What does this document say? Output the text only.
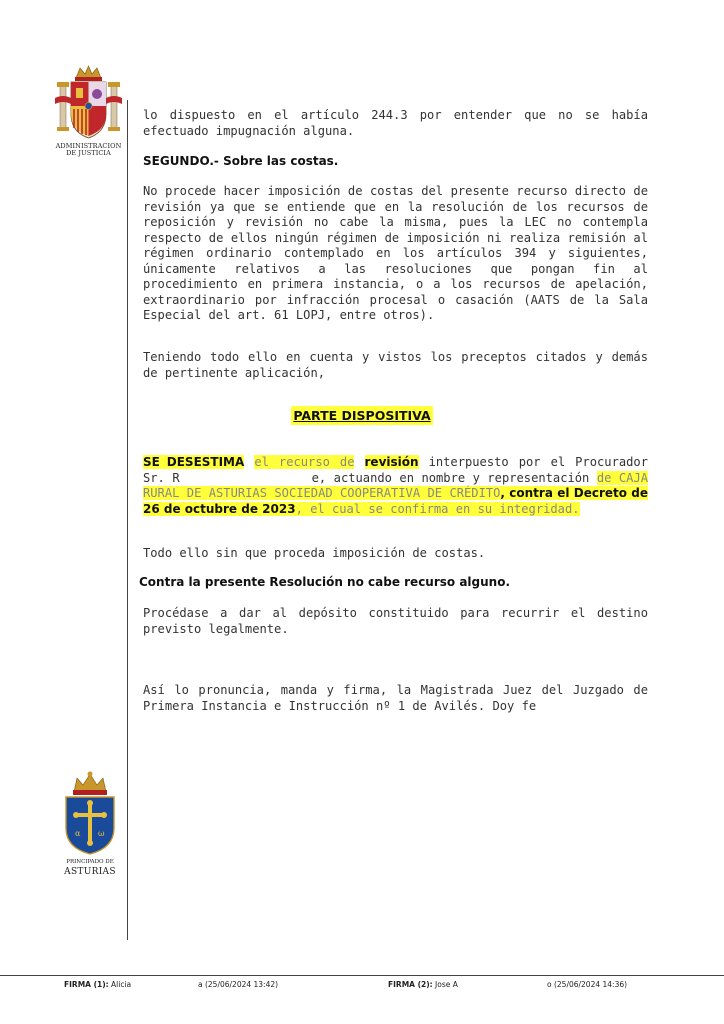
ADMINISTRACION
DE JUSTICIA
α ω
PRINCIPADO DE
ASTURIAS

lo dispuesto en el artículo 244.3 por entender que no se había efectuado impugnación alguna.

SEGUNDO.- Sobre las costas.

No procede hacer imposición de costas del presente recurso directo de revisión ya que se entiende que en la resolución de los recursos de reposición y revisión no cabe la misma, pues la LEC no contempla respecto de ellos ningún régimen de imposición ni realiza remisión al régimen ordinario contemplado en los artículos 394 y siguientes, únicamente relativos a las resoluciones que pongan fin al procedimiento en primera instancia, o a los recursos de apelación, extraordinario por infracción procesal o casación (AATS de la Sala Especial del art. 61 LOPJ, entre otros).

Teniendo todo ello en cuenta y vistos los preceptos citados y demás de pertinente aplicación,

PARTE DISPOSITIVA

SE DESESTIMA el recurso de revisión interpuesto por el Procurador Sr. R	e, actuando en nombre y representación de CAJA RURAL DE ASTURIAS SOCIEDAD COOPERATIVA DE CRÉDITO, contra el Decreto de 26 de octubre de 2023, el cual se confirma en su integridad.

Todo ello sin que proceda imposición de costas.

Contra la presente Resolución no cabe recurso alguno.

Procédase a dar al depósito constituido para recurrir el destino previsto legalmente.

Así lo pronuncia, manda y firma, la Magistrada Juez del Juzgado de Primera Instancia e Instrucción nº 1 de Avilés. Doy fe

FIRMA (1): Alicia	a (25/06/2024 13:42)	FIRMA (2): Jose A	o (25/06/2024 14:36)
